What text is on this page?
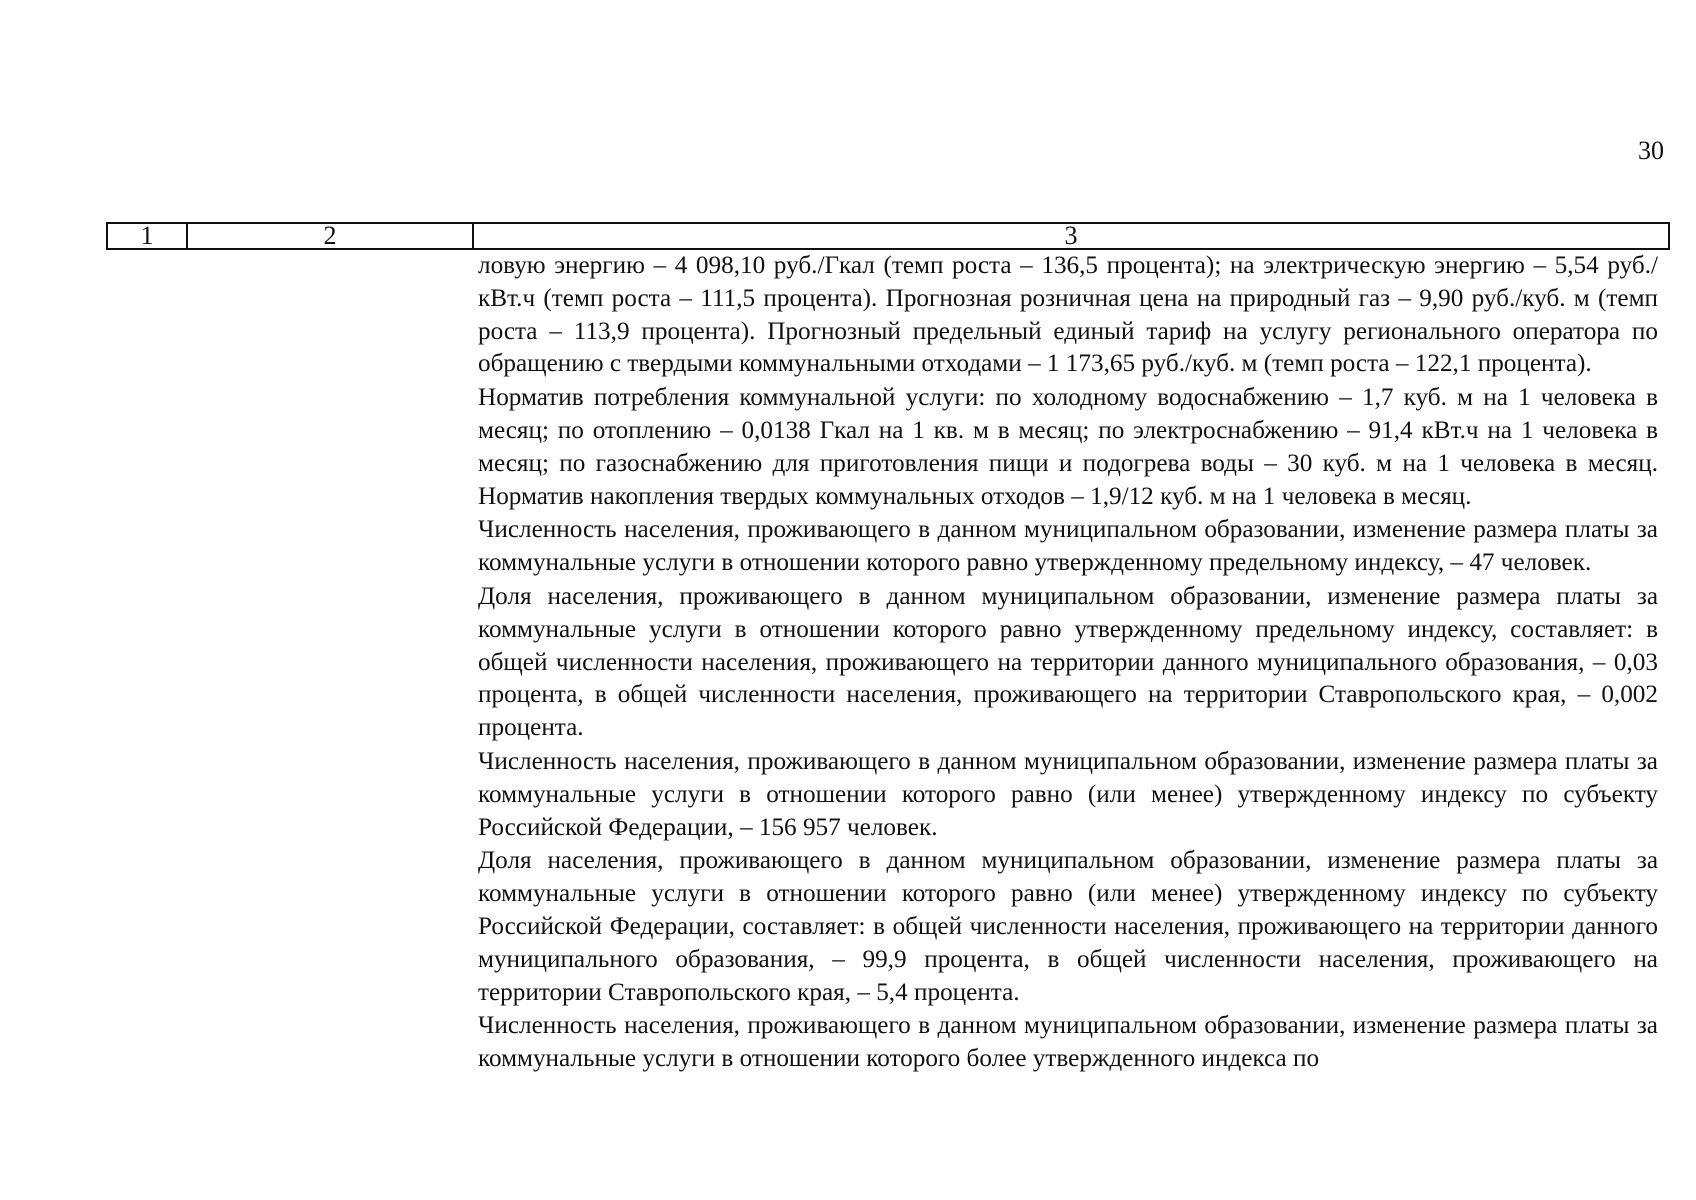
30
1	2	3

ловую энергию – 4 098,10 руб./Гкал (темп роста – 136,5 процента); на электрическую энергию – 5,54 руб./кВт.ч (темп роста – 111,5 процента). Прогнозная розничная цена на природный газ – 9,90 руб./куб. м (темп роста – 113,9 процента). Прогнозный предельный единый тариф на услугу регионального оператора по обращению с твердыми коммунальными отходами – 1 173,65 руб./куб. м (темп роста – 122,1 процента).

Норматив потребления коммунальной услуги: по холодному водоснабжению – 1,7 куб. м на 1 человека в месяц; по отоплению – 0,0138 Гкал на 1 кв. м в месяц; по электроснабжению – 91,4 кВт.ч на 1 человека в месяц; по газоснабжению для приготовления пищи и подогрева воды – 30 куб. м на 1 человека в месяц. Норматив накопления твердых коммунальных отходов – 1,9/12 куб. м на 1 человека в месяц.

Численность населения, проживающего в данном муниципальном образовании, изменение размера платы за коммунальные услуги в отношении которого равно утвержденному предельному индексу, – 47 человек.

Доля населения, проживающего в данном муниципальном образовании, изменение размера платы за коммунальные услуги в отношении которого равно утвержденному предельному индексу, составляет: в общей численности населения, проживающего на территории данного муниципального образования, – 0,03 процента, в общей численности населения, проживающего на территории Ставропольского края, – 0,002 процента.

Численность населения, проживающего в данном муниципальном образовании, изменение размера платы за коммунальные услуги в отношении которого равно (или менее) утвержденному индексу по субъекту Российской Федерации, – 156 957 человек.

Доля населения, проживающего в данном муниципальном образовании, изменение размера платы за коммунальные услуги в отношении которого равно (или менее) утвержденному индексу по субъекту Российской Федерации, составляет: в общей численности населения, проживающего на территории данного муниципального образования, – 99,9 процента, в общей численности населения, проживающего на территории Ставропольского края, – 5,4 процента.

Численность населения, проживающего в данном муниципальном образовании, изменение размера платы за коммунальные услуги в отношении которого более утвержденного индекса по
